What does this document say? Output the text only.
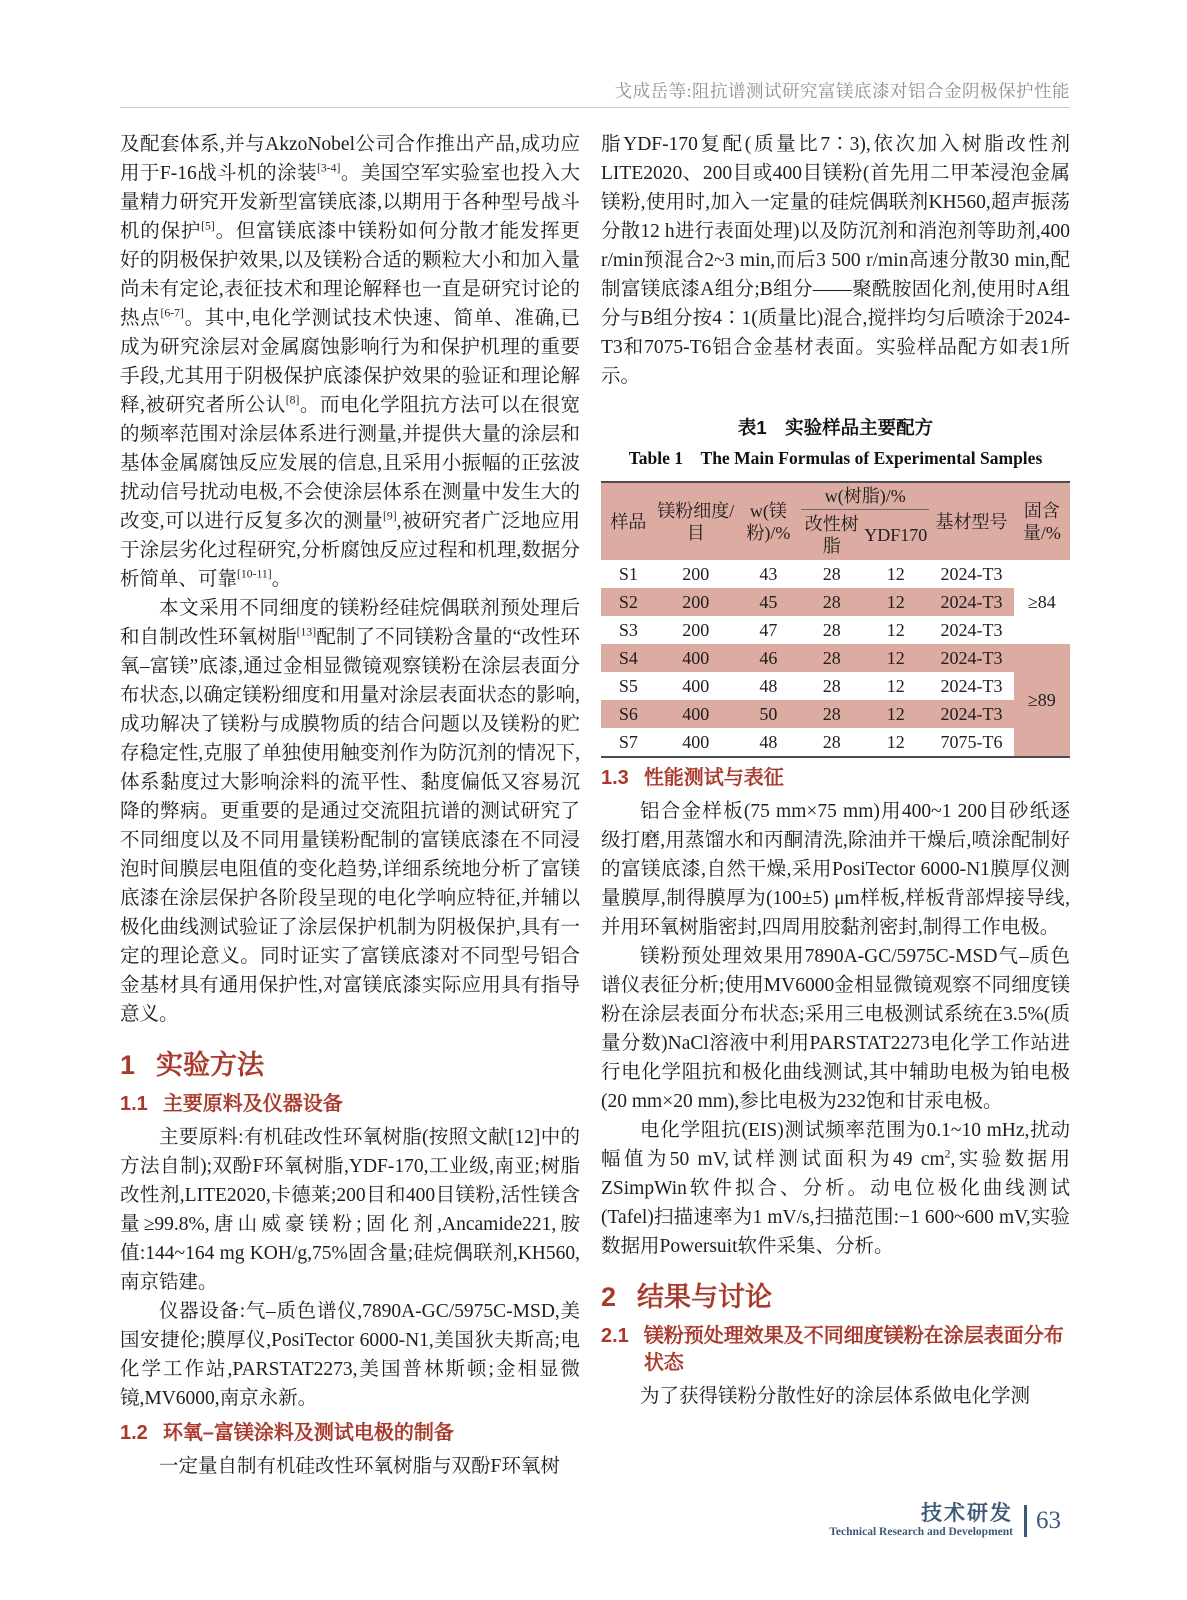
戈成岳等:阻抗谱测试研究富镁底漆对铝合金阴极保护性能

及配套体系,并与AkzoNobel公司合作推出产品,成功应用于F-16战斗机的涂装[3-4]。美国空军实验室也投入大量精力研究开发新型富镁底漆,以期用于各种型号战斗机的保护[5]。但富镁底漆中镁粉如何分散才能发挥更好的阴极保护效果,以及镁粉合适的颗粒大小和加入量尚未有定论,表征技术和理论解释也一直是研究讨论的热点[6-7]。其中,电化学测试技术快速、简单、准确,已成为研究涂层对金属腐蚀影响行为和保护机理的重要手段,尤其用于阴极保护底漆保护效果的验证和理论解释,被研究者所公认[8]。而电化学阻抗方法可以在很宽的频率范围对涂层体系进行测量,并提供大量的涂层和基体金属腐蚀反应发展的信息,且采用小振幅的正弦波扰动信号扰动电极,不会使涂层体系在测量中发生大的改变,可以进行反复多次的测量[9],被研究者广泛地应用于涂层劣化过程研究,分析腐蚀反应过程和机理,数据分析简单、可靠[10-11]。

本文采用不同细度的镁粉经硅烷偶联剂预处理后和自制改性环氧树脂[13]配制了不同镁粉含量的“改性环氧–富镁”底漆,通过金相显微镜观察镁粉在涂层表面分布状态,以确定镁粉细度和用量对涂层表面状态的影响,成功解决了镁粉与成膜物质的结合问题以及镁粉的贮存稳定性,克服了单独使用触变剂作为防沉剂的情况下,体系黏度过大影响涂料的流平性、黏度偏低又容易沉降的弊病。更重要的是通过交流阻抗谱的测试研究了不同细度以及不同用量镁粉配制的富镁底漆在不同浸泡时间膜层电阻值的变化趋势,详细系统地分析了富镁底漆在涂层保护各阶段呈现的电化学响应特征,并辅以极化曲线测试验证了涂层保护机制为阴极保护,具有一定的理论意义。同时证实了富镁底漆对不同型号铝合金基材具有通用保护性,对富镁底漆实际应用具有指导意义。

1 实验方法
1.1 主要原料及仪器设备

主要原料:有机硅改性环氧树脂(按照文献[12]中的方法自制);双酚F环氧树脂,YDF-170,工业级,南亚;树脂改性剂,LITE2020,卡德莱;200目和400目镁粉,活性镁含量≥99.8%,唐山威豪镁粉;固化剂,Ancamide221,胺值:144~164 mg KOH/g,75%固含量;硅烷偶联剂,KH560,南京锆建。

仪器设备:气–质色谱仪,7890A-GC/5975C-MSD,美国安捷伦;膜厚仪,PosiTector 6000-N1,美国狄夫斯高;电化学工作站,PARSTAT2273,美国普林斯顿;金相显微镜,MV6000,南京永新。

1.2 环氧–富镁涂料及测试电极的制备

一定量自制有机硅改性环氧树脂与双酚F环氧树

脂YDF-170复配(质量比7∶3),依次加入树脂改性剂LITE2020、200目或400目镁粉(首先用二甲苯浸泡金属镁粉,使用时,加入一定量的硅烷偶联剂KH560,超声振荡分散12 h进行表面处理)以及防沉剂和消泡剂等助剂,400 r/min预混合2~3 min,而后3 500 r/min高速分散30 min,配制富镁底漆A组分;B组分——聚酰胺固化剂,使用时A组分与B组分按4∶1(质量比)混合,搅拌均匀后喷涂于2024-T3和7075-T6铝合金基材表面。实验样品配方如表1所示。

表1　实验样品主要配方

Table 1　The Main Formulas of Experimental Samples

样品	镁粉细度/目	w(镁粉)/%	w(树脂)/%		基材型号	固含量/%
			改性树脂	YDF170		
S1	200	43	28	12	2024-T3	≥84
S2	200	45	28	12	2024-T3	
S3	200	47	28	12	2024-T3	
S4	400	46	28	12	2024-T3	≥89
S5	400	48	28	12	2024-T3	
S6	400	50	28	12	2024-T3	
S7	400	48	28	12	7075-T6	
1.3 性能测试与表征

铝合金样板(75 mm×75 mm)用400~1 200目砂纸逐级打磨,用蒸馏水和丙酮清洗,除油并干燥后,喷涂配制好的富镁底漆,自然干燥,采用PosiTector 6000-N1膜厚仪测量膜厚,制得膜厚为(100±5) μm样板,样板背部焊接导线,并用环氧树脂密封,四周用胶黏剂密封,制得工作电极。

镁粉预处理效果用7890A-GC/5975C-MSD气–质色谱仪表征分析;使用MV6000金相显微镜观察不同细度镁粉在涂层表面分布状态;采用三电极测试系统在3.5%(质量分数)NaCl溶液中利用PARSTAT2273电化学工作站进行电化学阻抗和极化曲线测试,其中辅助电极为铂电极(20 mm×20 mm),参比电极为232饱和甘汞电极。

电化学阻抗(EIS)测试频率范围为0.1~10 mHz,扰动幅值为50 mV,试样测试面积为49 $cm^2$,实验数据用ZSimpWin软件拟合、分析。动电位极化曲线测试(Tafel)扫描速率为1 mV/s,扫描范围:−1 600~600 mV,实验数据用Powersuit软件采集、分析。

2 结果与讨论
2.1 镁粉预处理效果及不同细度镁粉在涂层表面分布状态

为了获得镁粉分散性好的涂层体系做电化学测

技术研发
Technical Research and Development 63
